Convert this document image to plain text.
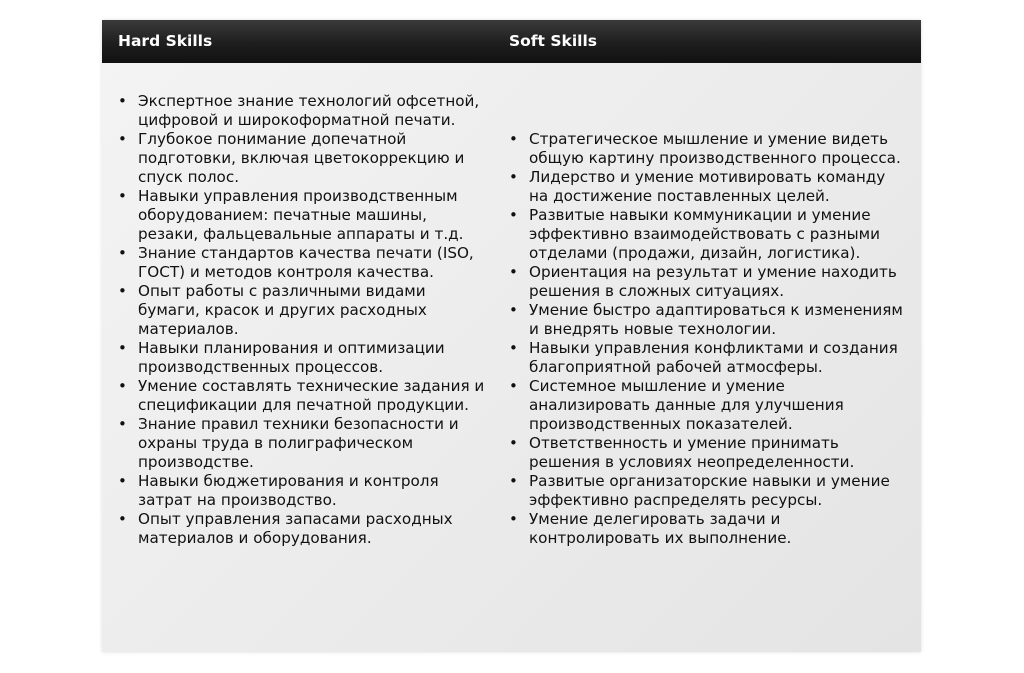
Hard Skills	Soft Skills
• Экспертное знание технологий офсетной, цифровой и широкоформатной печати.
• Глубокое понимание допечатной подготовки, включая цветокоррекцию и спуск полос.
• Навыки управления производственным оборудованием: печатные машины, резаки, фальцевальные аппараты и т.д.
• Знание стандартов качества печати (ISO, ГОСТ) и методов контроля качества.
• Опыт работы с различными видами бумаги, красок и других расходных материалов.
• Навыки планирования и оптимизации производственных процессов.
• Умение составлять технические задания и спецификации для печатной продукции.
• Знание правил техники безопасности и охраны труда в полиграфическом производстве.
• Навыки бюджетирования и контроля затрат на производство.
• Опыт управления запасами расходных материалов и оборудования.
• Стратегическое мышление и умение видеть общую картину производственного процесса.
• Лидерство и умение мотивировать команду на достижение поставленных целей.
• Развитые навыки коммуникации и умение эффективно взаимодействовать с разными отделами (продажи, дизайн, логистика).
• Ориентация на результат и умение находить решения в сложных ситуациях.
• Умение быстро адаптироваться к изменениям и внедрять новые технологии.
• Навыки управления конфликтами и создания благоприятной рабочей атмосферы.
• Системное мышление и умение анализировать данные для улучшения производственных показателей.
• Ответственность и умение принимать решения в условиях неопределенности.
• Развитые организаторские навыки и умение эффективно распределять ресурсы.
• Умение делегировать задачи и контролировать их выполнение.
